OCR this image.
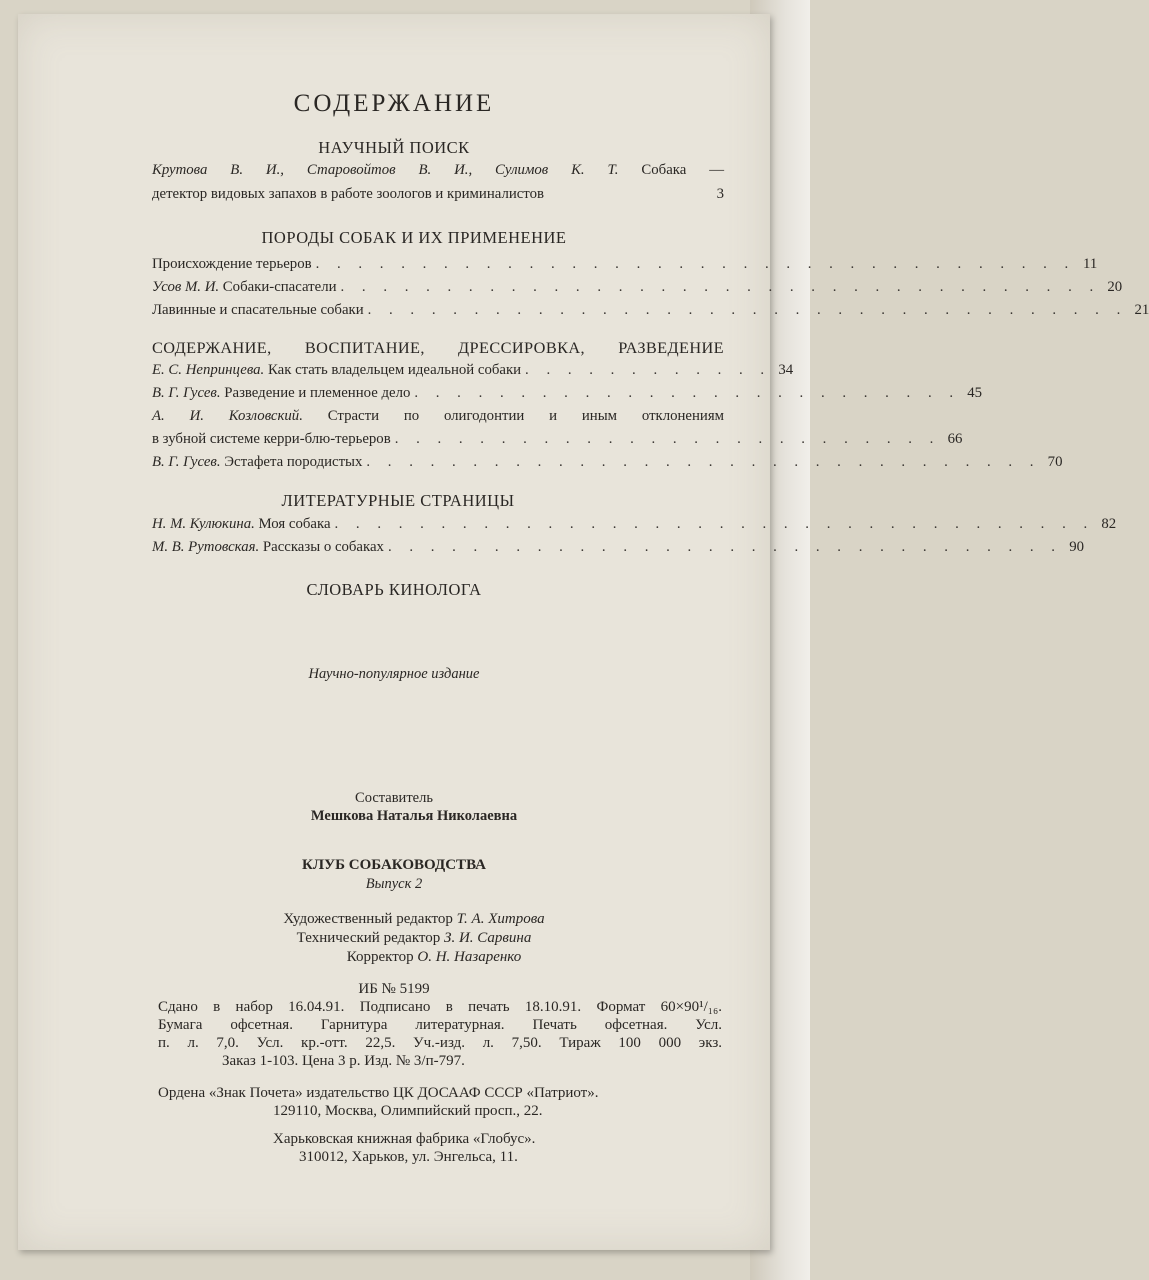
СОДЕРЖАНИЕ
НАУЧНЫЙ ПОИСК
Крутова В. И., Старовойтов В. И., Сулимов К. Т. Собака —
детектор видовых запахов в работе зоологов и криминалистов	3
ПОРОДЫ СОБАК И ИХ ПРИМЕНЕНИЕ
Происхождение терьеров . . . . . . . . . . . . . . . . . . . . . . . . . . . . . . . . . . . . 11
Усов М. И. Собаки-спасатели . . . . . . . . . . . . . . . . . . . . . . . . . . . . . . . . . . . . 20
Лавинные и спасательные собаки . . . . . . . . . . . . . . . . . . . . . . . . . . . . . . . . . . . . 21
СОДЕРЖАНИЕ, ВОСПИТАНИЕ, ДРЕССИРОВКА, РАЗВЕДЕНИЕ
Е. С. Непринцева. Как стать владельцем идеальной собаки . . . . . . . . . . . . 34
В. Г. Гусев. Разведение и племенное дело . . . . . . . . . . . . . . . . . . . . . . . . . . 45
А. И. Козловский. Страсти по олигодонтии и иным отклонениям
в зубной системе керри-блю-терьеров . . . . . . . . . . . . . . . . . . . . . . . . . . 66
В. Г. Гусев. Эстафета породистых . . . . . . . . . . . . . . . . . . . . . . . . . . . . . . . . 70
ЛИТЕРАТУРНЫЕ СТРАНИЦЫ
Н. М. Кулюкина. Моя собака . . . . . . . . . . . . . . . . . . . . . . . . . . . . . . . . . . . . 82
М. В. Рутовская. Рассказы о собаках . . . . . . . . . . . . . . . . . . . . . . . . . . . . . . . . 90
СЛОВАРЬ КИНОЛОГА
Научно-популярное издание
Составитель
Мешкова Наталья Николаевна
КЛУБ СОБАКОВОДСТВА
Выпуск 2
Художественный редактор Т. А. Хитрова
Технический редактор З. И. Сарвина
Корректор О. Н. Назаренко
ИБ № 5199
Сдано в набор 16.04.91. Подписано в печать 18.10.91. Формат 60×90¹/₁₆.
Бумага офсетная. Гарнитура литературная. Печать офсетная. Усл.
п. л. 7,0. Усл. кр.-отт. 22,5. Уч.-изд. л. 7,50. Тираж 100 000 экз.
Заказ 1-103. Цена 3 р. Изд. № 3/п-797.
Ордена «Знак Почета» издательство ЦК ДОСААФ СССР «Патриот».
129110, Москва, Олимпийский просп., 22.
Харьковская книжная фабрика «Глобус».
310012, Харьков, ул. Энгельса, 11.
